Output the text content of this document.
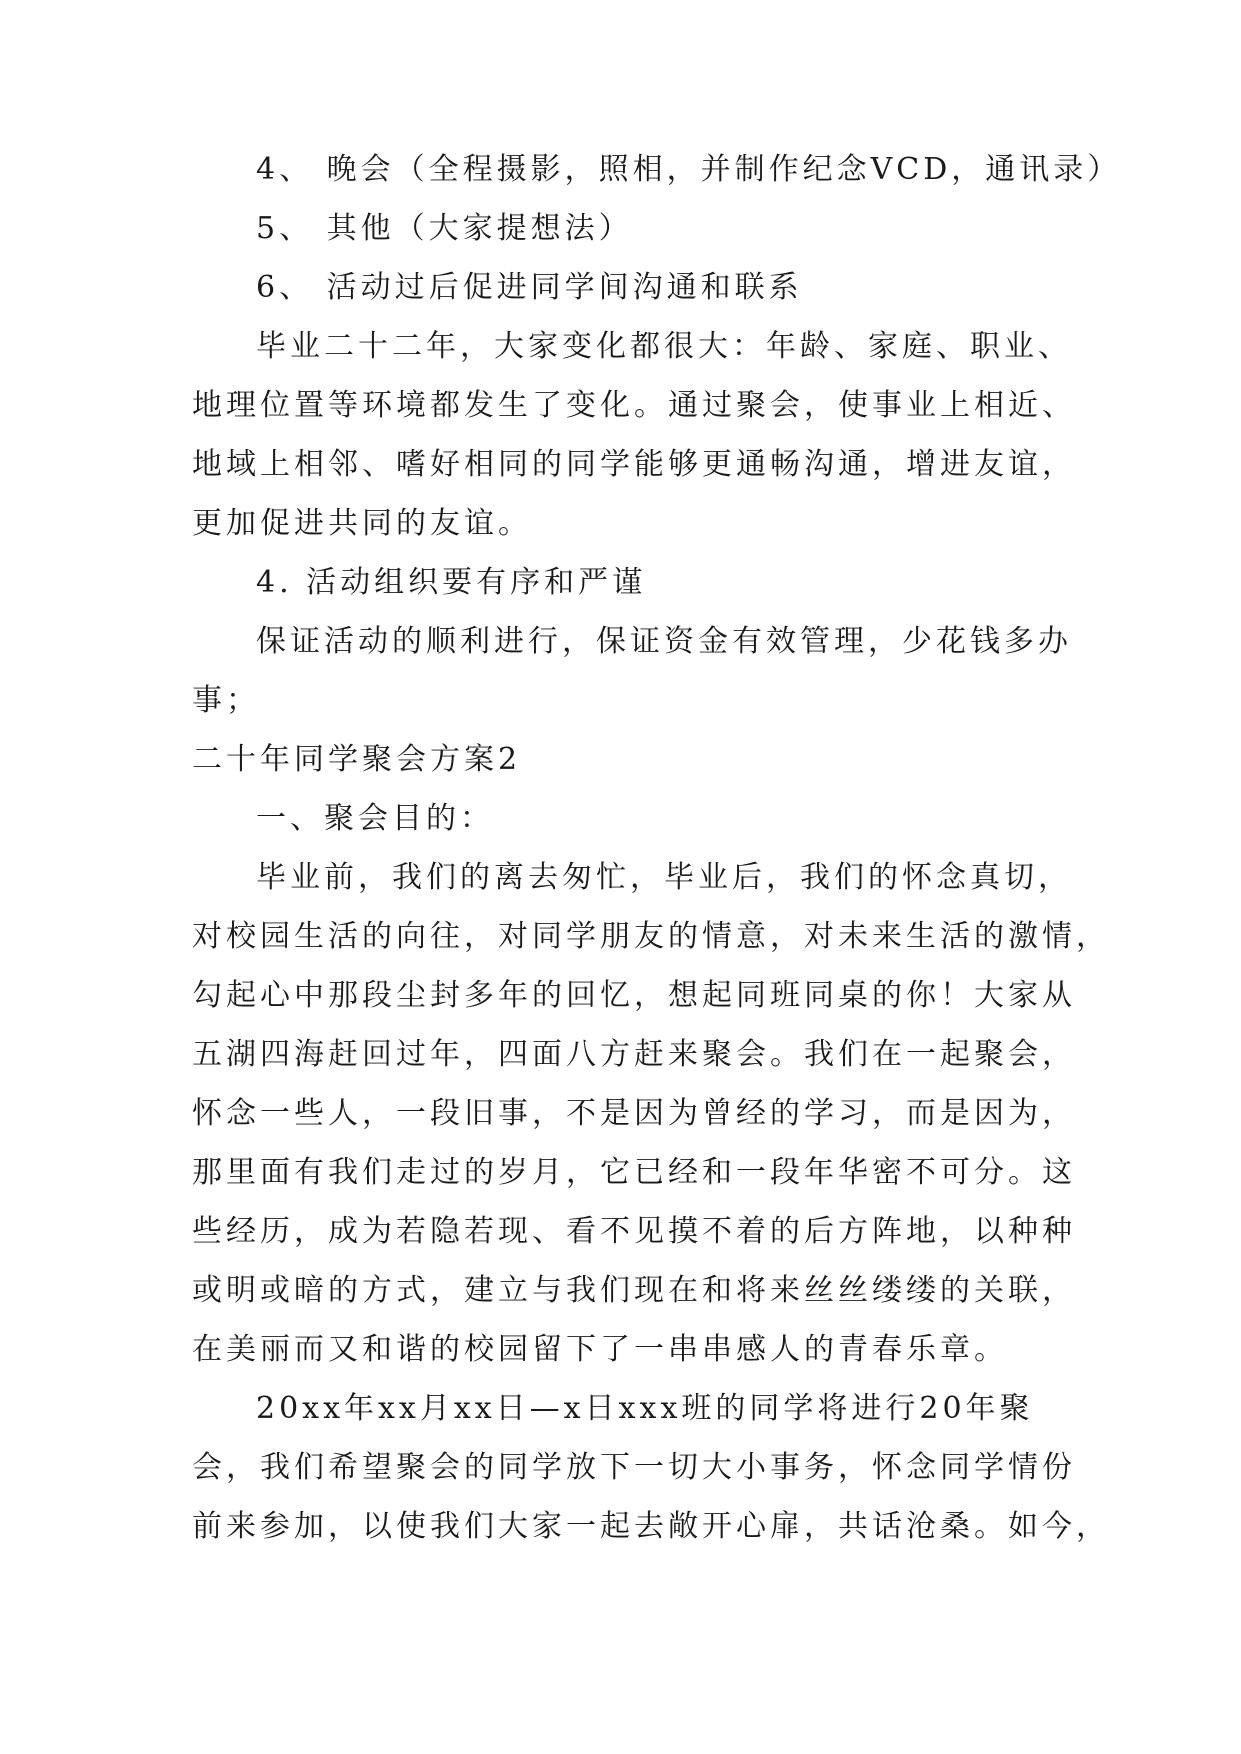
4、 晚会（全程摄影，照相，并制作纪念VCD，通讯录）
5、 其他（大家提想法）
6、 活动过后促进同学间沟通和联系
毕业二十二年，大家变化都很大：年龄、家庭、职业、
地理位置等环境都发生了变化。通过聚会，使事业上相近、
地域上相邻、嗜好相同的同学能够更通畅沟通，增进友谊，
更加促进共同的友谊。
4. 活动组织要有序和严谨
保证活动的顺利进行，保证资金有效管理，少花钱多办
事；
二十年同学聚会方案2
一、聚会目的：
毕业前，我们的离去匆忙，毕业后，我们的怀念真切，
对校园生活的向往，对同学朋友的情意，对未来生活的激情，
勾起心中那段尘封多年的回忆，想起同班同桌的你！大家从
五湖四海赶回过年，四面八方赶来聚会。我们在一起聚会，
怀念一些人，一段旧事，不是因为曾经的学习，而是因为，
那里面有我们走过的岁月，它已经和一段年华密不可分。这
些经历，成为若隐若现、看不见摸不着的后方阵地，以种种
或明或暗的方式，建立与我们现在和将来丝丝缕缕的关联，
在美丽而又和谐的校园留下了一串串感人的青春乐章。
20xx年xx月xx日—x日xxx班的同学将进行20年聚
会，我们希望聚会的同学放下一切大小事务，怀念同学情份
前来参加，以使我们大家一起去敞开心扉，共话沧桑。如今，
